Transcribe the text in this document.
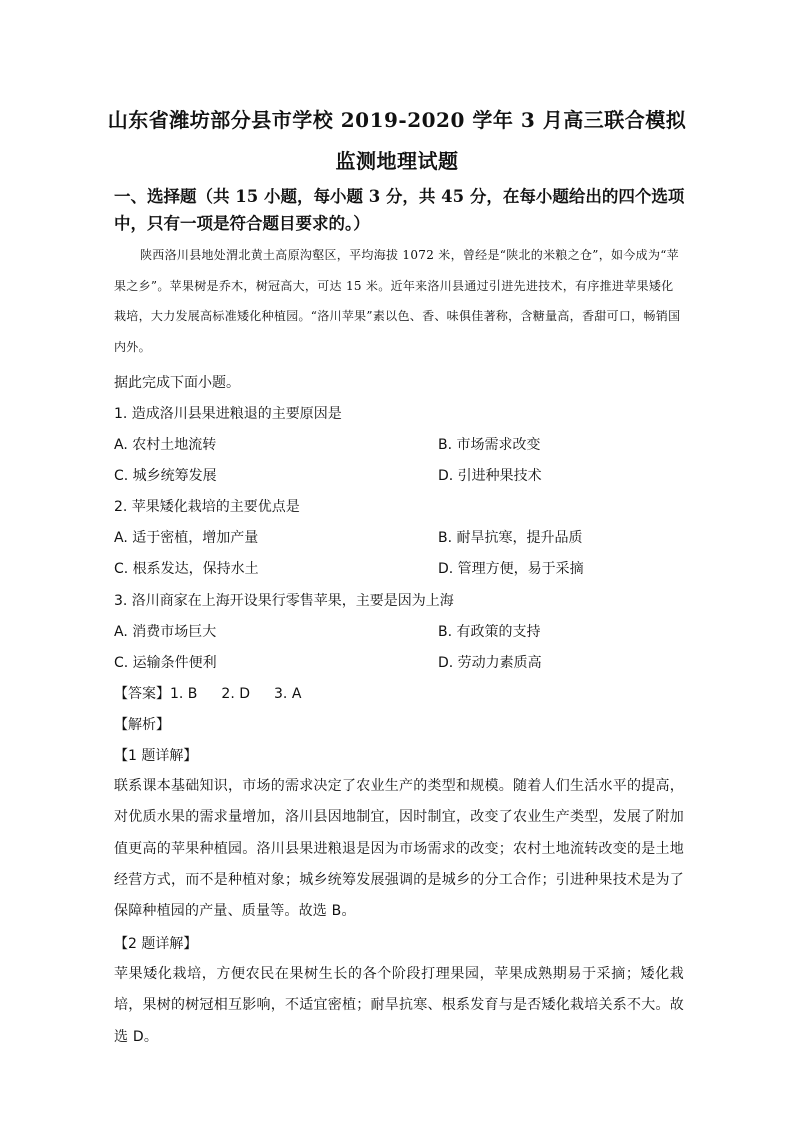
山东省潍坊部分县市学校 2019-2020 学年 3 月高三联合模拟
监测地理试题
一、选择题（共 15 小题，每小题 3 分，共 45 分，在每小题给出的四个选项中，只有一项是符合题目要求的。）
陕西洛川县地处渭北黄土高原沟壑区，平均海拔 1072 米，曾经是“陕北的米粮之仓”，如今成为“苹果之乡”。苹果树是乔木，树冠高大，可达 15 米。近年来洛川县通过引进先进技术，有序推进苹果矮化栽培，大力发展高标准矮化种植园。“洛川苹果”素以色、香、味俱佳著称，含糖量高，香甜可口，畅销国内外。
据此完成下面小题。
1. 造成洛川县果进粮退的主要原因是
A. 农村土地流转	B. 市场需求改变
C. 城乡统筹发展	D. 引进种果技术
2. 苹果矮化栽培的主要优点是
A. 适于密植，增加产量	B. 耐旱抗寒，提升品质
C. 根系发达，保持水土	D. 管理方便，易于采摘
3. 洛川商家在上海开设果行零售苹果，主要是因为上海
A. 消费市场巨大	B. 有政策的支持
C. 运输条件便利	D. 劳动力素质高
【答案】1. B 2. D 3. A
【解析】
【1 题详解】
联系课本基础知识，市场的需求决定了农业生产的类型和规模。随着人们生活水平的提高，对优质水果的需求量增加，洛川县因地制宜，因时制宜，改变了农业生产类型，发展了附加值更高的苹果种植园。洛川县果进粮退是因为市场需求的改变；农村土地流转改变的是土地经营方式，而不是种植对象；城乡统筹发展强调的是城乡的分工合作；引进种果技术是为了保障种植园的产量、质量等。故选 B。
【2 题详解】
苹果矮化栽培，方便农民在果树生长的各个阶段打理果园，苹果成熟期易于采摘；矮化栽培，果树的树冠相互影响，不适宜密植；耐旱抗寒、根系发育与是否矮化栽培关系不大。故选 D。
